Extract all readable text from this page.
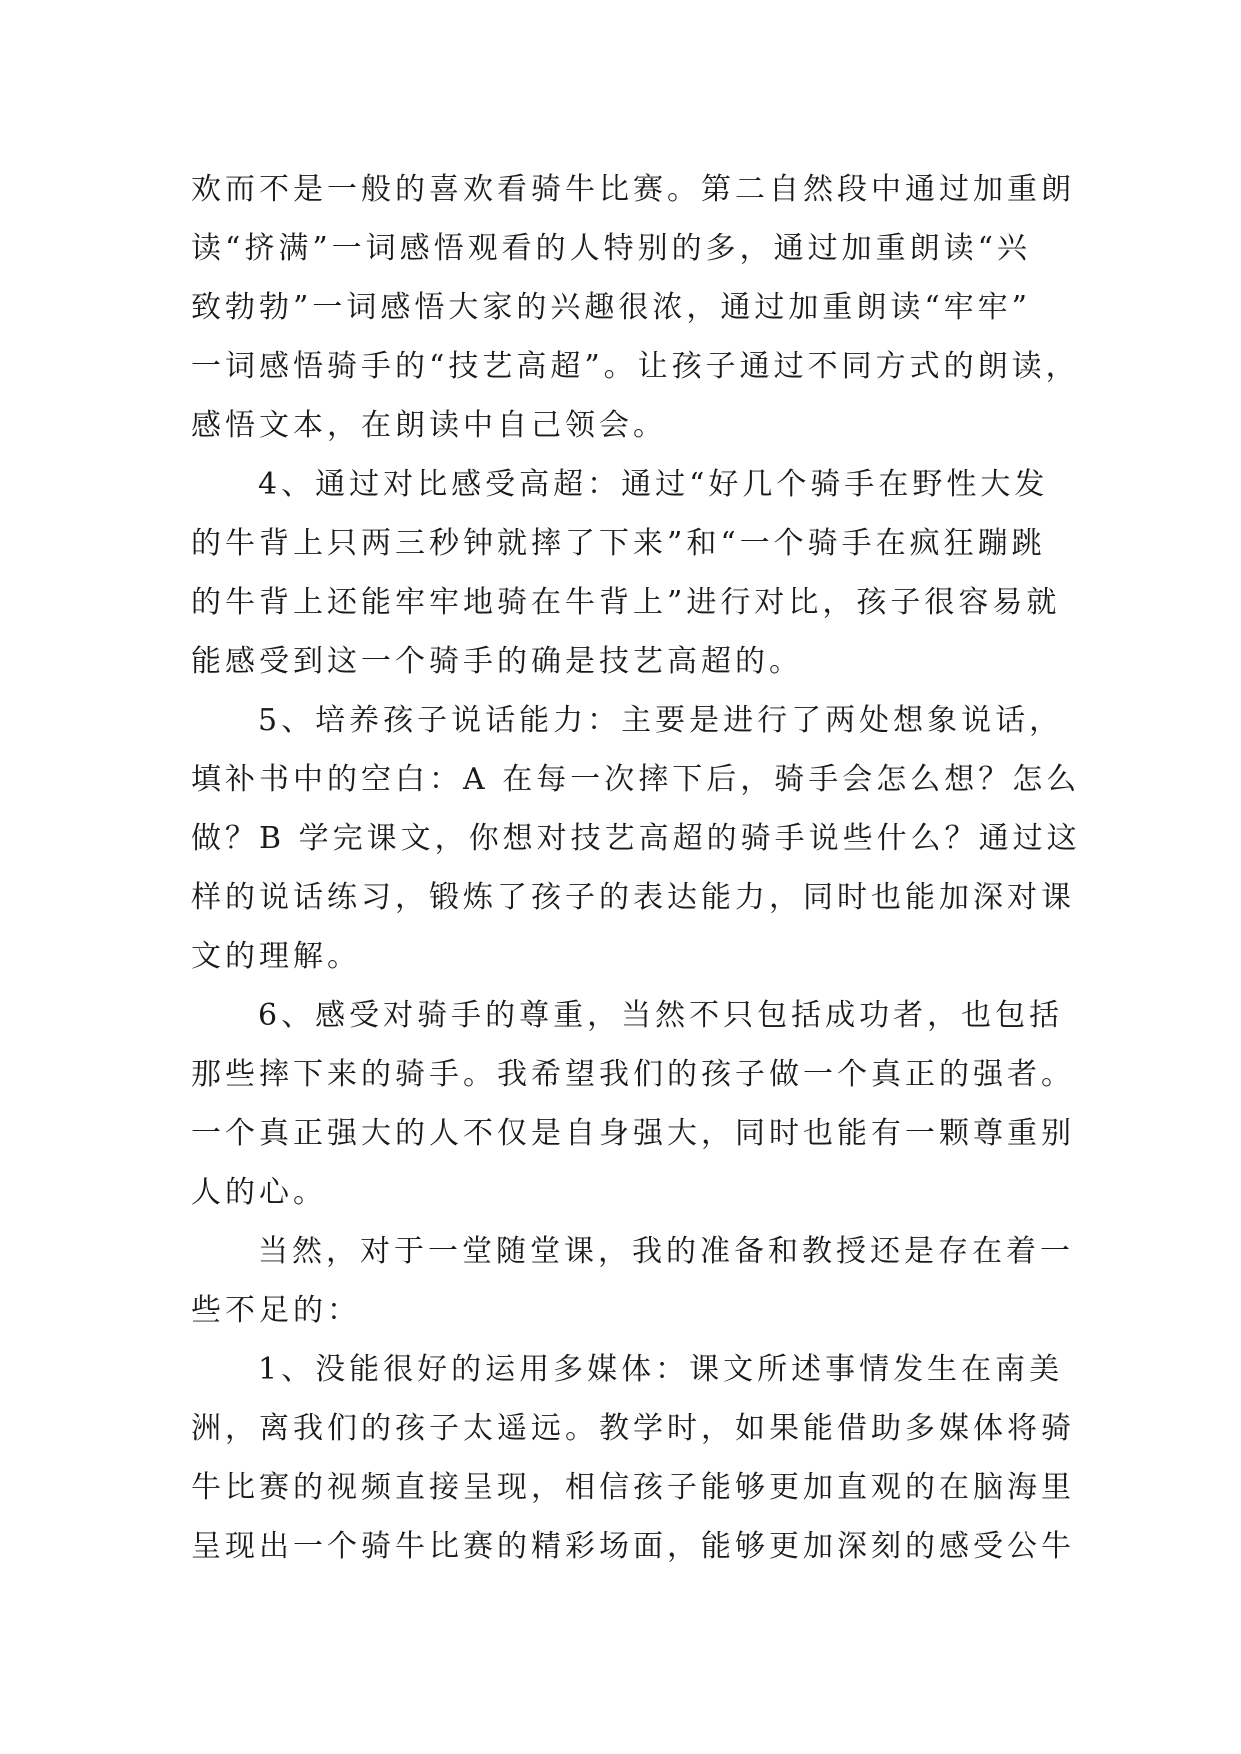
欢而不是一般的喜欢看骑牛比赛。第二自然段中通过加重朗
读“挤满”一词感悟观看的人特别的多，通过加重朗读“兴
致勃勃”一词感悟大家的兴趣很浓，通过加重朗读“牢牢”
一词感悟骑手的“技艺高超”。让孩子通过不同方式的朗读，
感悟文本，在朗读中自己领会。
4、通过对比感受高超：通过“好几个骑手在野性大发
的牛背上只两三秒钟就摔了下来”和“一个骑手在疯狂蹦跳
的牛背上还能牢牢地骑在牛背上”进行对比，孩子很容易就
能感受到这一个骑手的确是技艺高超的。
5、培养孩子说话能力：主要是进行了两处想象说话，
填补书中的空白：A 在每一次摔下后，骑手会怎么想？怎么
做？B 学完课文，你想对技艺高超的骑手说些什么？通过这
样的说话练习，锻炼了孩子的表达能力，同时也能加深对课
文的理解。
6、感受对骑手的尊重，当然不只包括成功者，也包括
那些摔下来的骑手。我希望我们的孩子做一个真正的强者。
一个真正强大的人不仅是自身强大，同时也能有一颗尊重别
人的心。
当然，对于一堂随堂课，我的准备和教授还是存在着一
些不足的：
1、没能很好的运用多媒体：课文所述事情发生在南美
洲，离我们的孩子太遥远。教学时，如果能借助多媒体将骑
牛比赛的视频直接呈现，相信孩子能够更加直观的在脑海里
呈现出一个骑牛比赛的精彩场面，能够更加深刻的感受公牛
